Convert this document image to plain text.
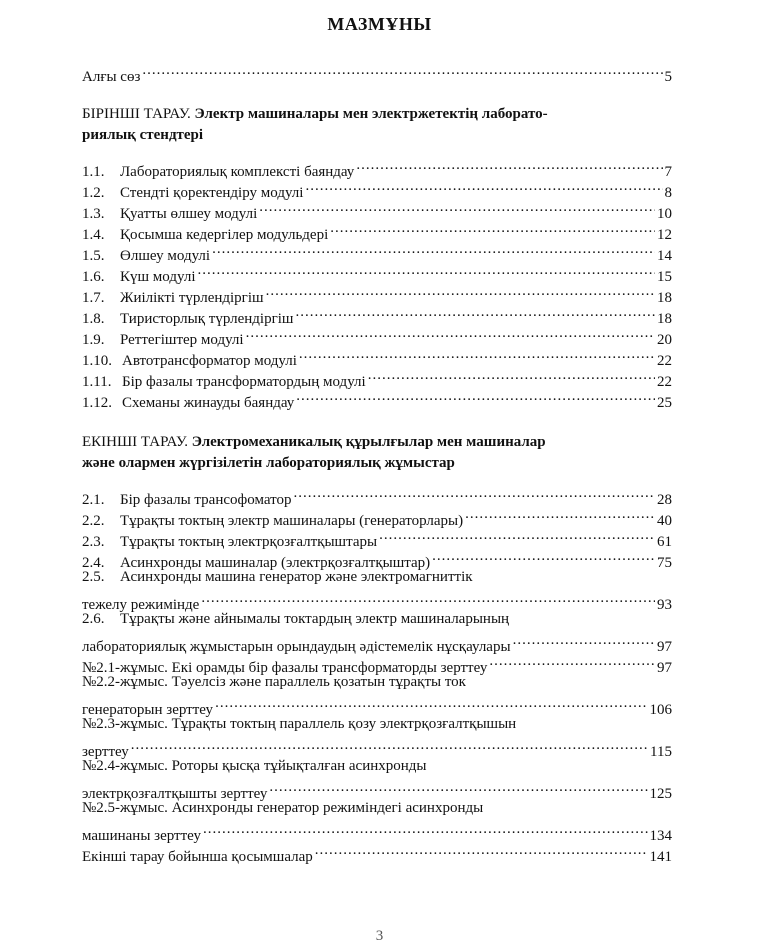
МАЗМҰНЫ
Алғы сөз .....	5
БІРІНШІ ТАРАУ. Электр машиналары мен электржетектің лаборато-
риялық стендтері
1.1.	Лабораториялық комплексті баяндау .....	7
1.2.	Стендті қоректендіру модулі .....	8
1.3.	Қуатты өлшеу модулі .....	10
1.4.	Қосымша кедергілер модульдері .....	12
1.5.	Өлшеу модулі .....	14
1.6.	Күш модулі .....	15
1.7.	Жиілікті түрлендіргіш .....	18
1.8.	Тиристорлық түрлендіргіш .....	18
1.9.	Реттегіштер модулі .....	20
1.10. Автотрансформатор модулі .....	22
1.11. Бір фазалы трансформатордың модулі .....	22
1.12. Схеманы жинауды баяндау .....	25
ЕКІНШІ ТАРАУ. Электромеханикалық құрылғылар мен машиналар
және олармен жүргізілетін лабораториялық жұмыстар
2.1.	Бір фазалы трансофоматор .....	28
2.2.	Тұрақты токтың электр машиналары (генераторлары) .....	40
2.3.	Тұрақты токтың электрқозғалтқыштары .....	61
2.4.	Асинхронды машиналар (электрқозғалтқыштар) .....	75
2.5. Асинхронды машина генератор және электромагниттік
тежелу режимінде .....	93
2.6. Тұрақты және айнымалы токтардың электр машиналарының
лабораториялық жұмыстарын орындаудың әдістемелік нұсқаулары .....	97
№2.1-жұмыс. Екі орамды бір фазалы трансформаторды зерттеу .....	97
№2.2-жұмыс. Тәуелсіз және параллель қозатын тұрақты ток
генераторын зерттеу .....	106
№2.3-жұмыс. Тұрақты токтың параллель қозу электрқозғалтқышын
зерттеу .....	115
№2.4-жұмыс. Роторы қысқа тұйықталған асинхронды
электрқозғалтқышты зерттеу .....	125
№2.5-жұмыс. Асинхронды генератор режиміндегі асинхронды
машинаны зерттеу .....	134
Екінші тарау бойынша қосымшалар .....	141
3
